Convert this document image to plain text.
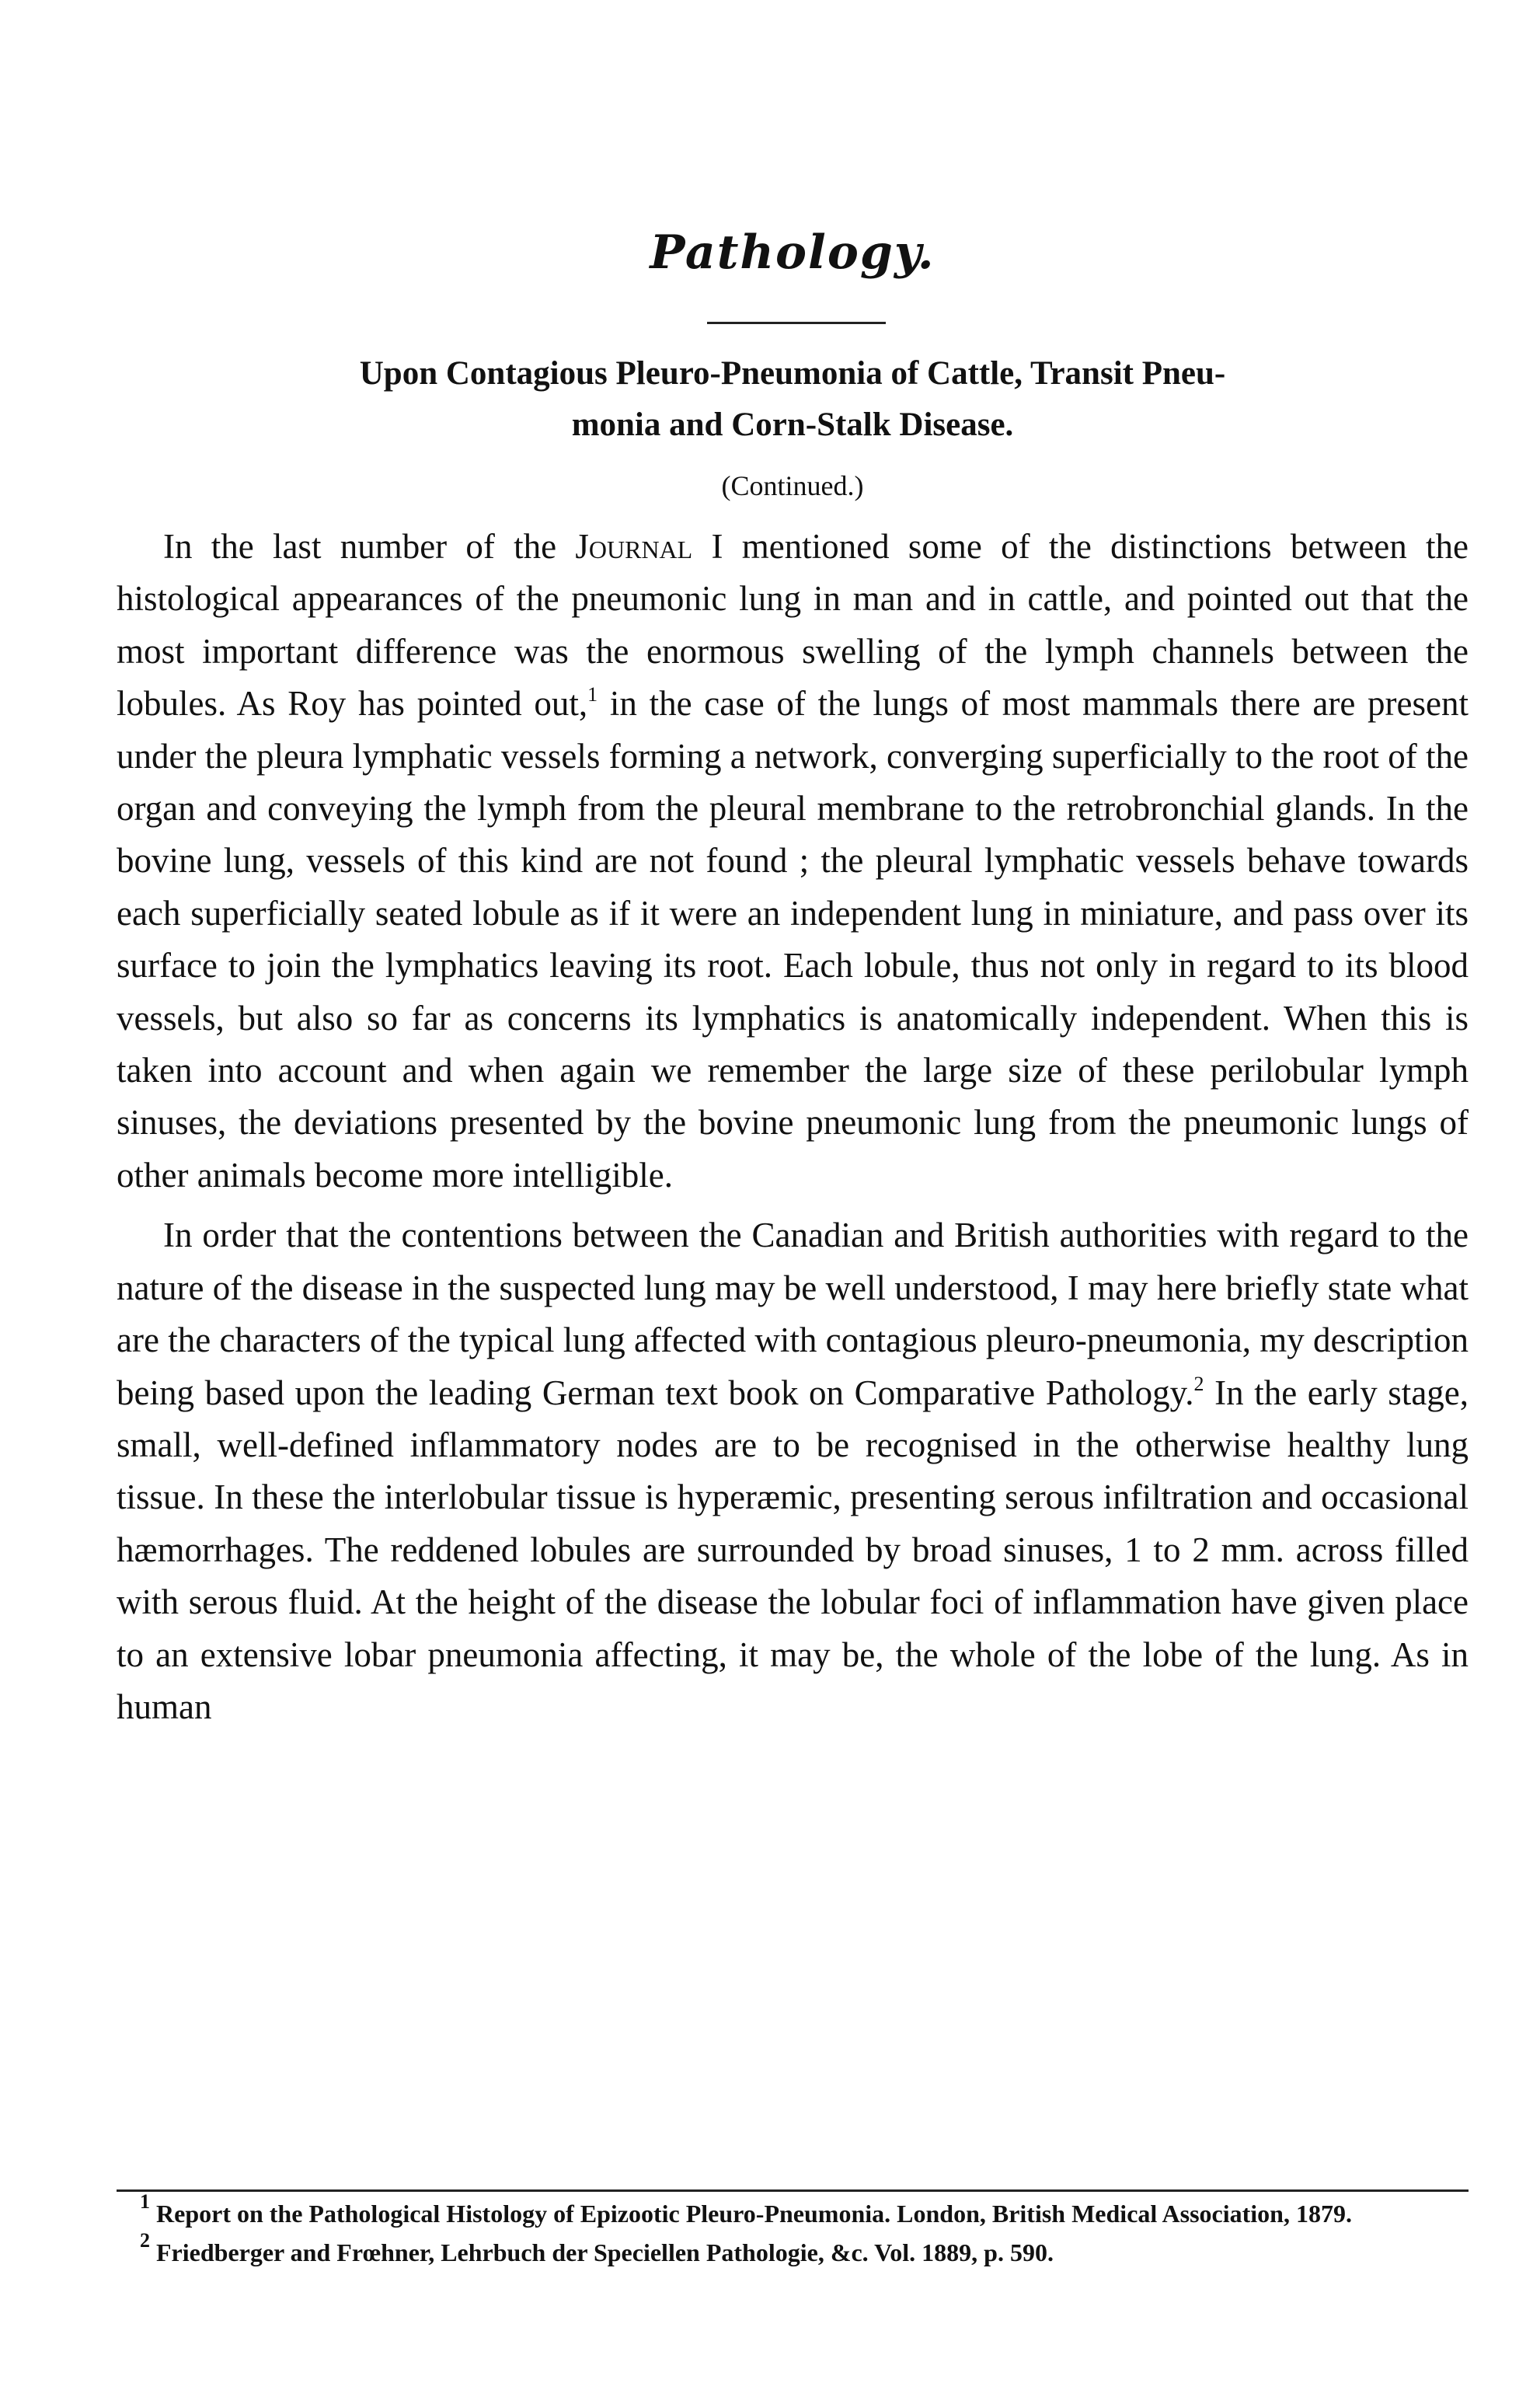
Pathology.
Upon Contagious Pleuro-Pneumonia of Cattle, Transit Pneu-
monia and Corn-Stalk Disease.
(Continued.)

In the last number of the Journal I mentioned some of the distinctions between the histological appearances of the pneumonic lung in man and in cattle, and pointed out that the most important difference was the enormous swelling of the lymph channels between the lobules. As Roy has pointed out,$^1$ in the case of the lungs of most mammals there are present under the pleura lymphatic vessels forming a network, converging superficially to the root of the organ and conveying the lymph from the pleural membrane to the retrobronchial glands. In the bovine lung, vessels of this kind are not found ; the pleural lymphatic vessels behave towards each superficially seated lobule as if it were an independent lung in miniature, and pass over its surface to join the lymphatics leaving its root. Each lobule, thus not only in regard to its blood vessels, but also so far as concerns its lymphatics is anatomically independent. When this is taken into account and when again we remember the large size of these perilobular lymph sinuses, the deviations presented by the bovine pneumonic lung from the pneumonic lungs of other animals become more intelligible.

In order that the contentions between the Canadian and British authorities with regard to the nature of the disease in the suspected lung may be well understood, I may here briefly state what are the characters of the typical lung affected with contagious pleuro-pneumonia, my description being based upon the leading German text book on Comparative Pathology.$^2$ In the early stage, small, well-defined inflammatory nodes are to be recognised in the otherwise healthy lung tissue. In these the interlobular tissue is hyperæmic, presenting serous infiltration and occasional hæmorrhages. The reddened lobules are surrounded by broad sinuses, 1 to 2 mm. across filled with serous fluid. At the height of the disease the lobular foci of inflammation have given place to an extensive lobar pneumonia affecting, it may be, the whole of the lobe of the lung. As in human

$^1$ Report on the Pathological Histology of Epizootic Pleuro-Pneumonia. London, British Medical Association, 1879.

$^2$ Friedberger and Frœhner, Lehrbuch der Speciellen Pathologie, &c. Vol. 1889, p. 590.
